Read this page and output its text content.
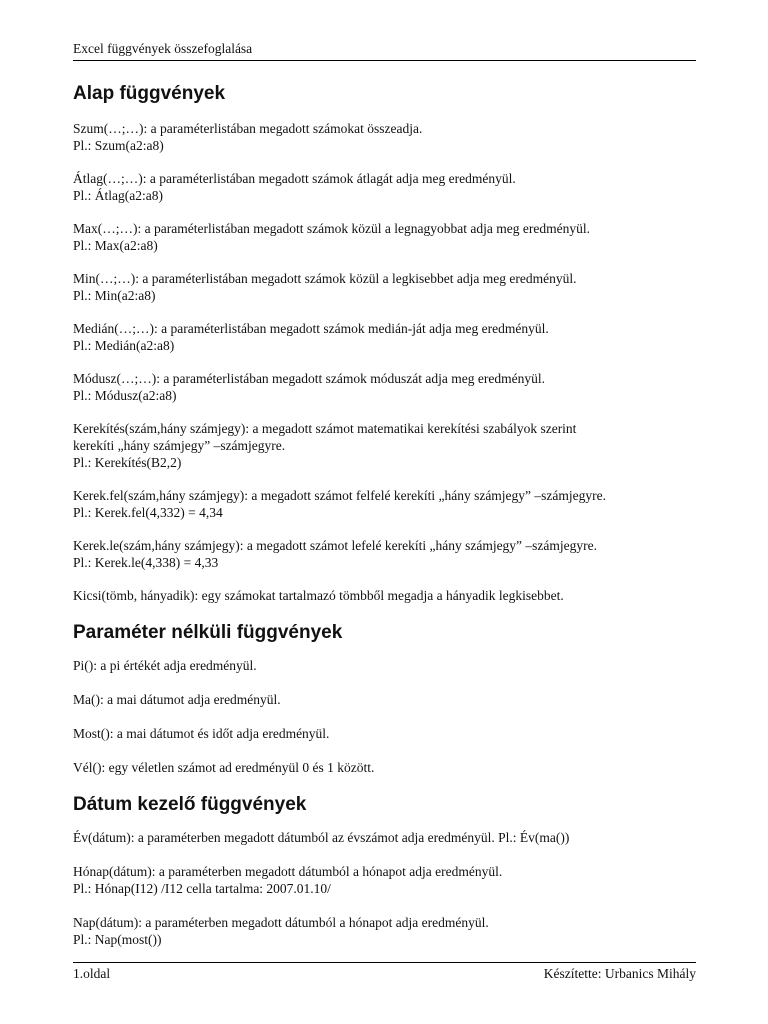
Excel függvények összefoglalása
Alap függvények

Szum(…;…): a paraméterlistában megadott számokat összeadja.

Pl.: Szum(a2:a8)

Átlag(…;…): a paraméterlistában megadott számok átlagát adja meg eredményül.

Pl.: Átlag(a2:a8)

Max(…;…): a paraméterlistában megadott számok közül a legnagyobbat adja meg eredményül.

Pl.: Max(a2:a8)

Min(…;…): a paraméterlistában megadott számok közül a legkisebbet adja meg eredményül.

Pl.: Min(a2:a8)

Medián(…;…): a paraméterlistában megadott számok medián-ját adja meg eredményül.

Pl.: Medián(a2:a8)

Módusz(…;…): a paraméterlistában megadott számok móduszát adja meg eredményül.

Pl.: Módusz(a2:a8)

Kerekítés(szám,hány számjegy): a megadott számot matematikai kerekítési szabályok szerint

kerekíti „hány számjegy” –számjegyre.

Pl.: Kerekítés(B2,2)

Kerek.fel(szám,hány számjegy): a megadott számot felfelé kerekíti „hány számjegy” –számjegyre.

Pl.: Kerek.fel(4,332) = 4,34

Kerek.le(szám,hány számjegy): a megadott számot lefelé kerekíti „hány számjegy” –számjegyre.

Pl.: Kerek.le(4,338) = 4,33

Kicsi(tömb, hányadik): egy számokat tartalmazó tömbből megadja a hányadik legkisebbet.

Paraméter nélküli függvények

Pi(): a pi értékét adja eredményül.

Ma(): a mai dátumot adja eredményül.

Most(): a mai dátumot és időt adja eredményül.

Vél(): egy véletlen számot ad eredményül 0 és 1 között.

Dátum kezelő függvények

Év(dátum): a paraméterben megadott dátumból az évszámot adja eredményül. Pl.: Év(ma())

Hónap(dátum): a paraméterben megadott dátumból a hónapot adja eredményül.

Pl.: Hónap(I12) /I12 cella tartalma: 2007.01.10/

Nap(dátum): a paraméterben megadott dátumból a hónapot adja eredményül.

Pl.: Nap(most())

1.oldal	Készítette: Urbanics Mihály
